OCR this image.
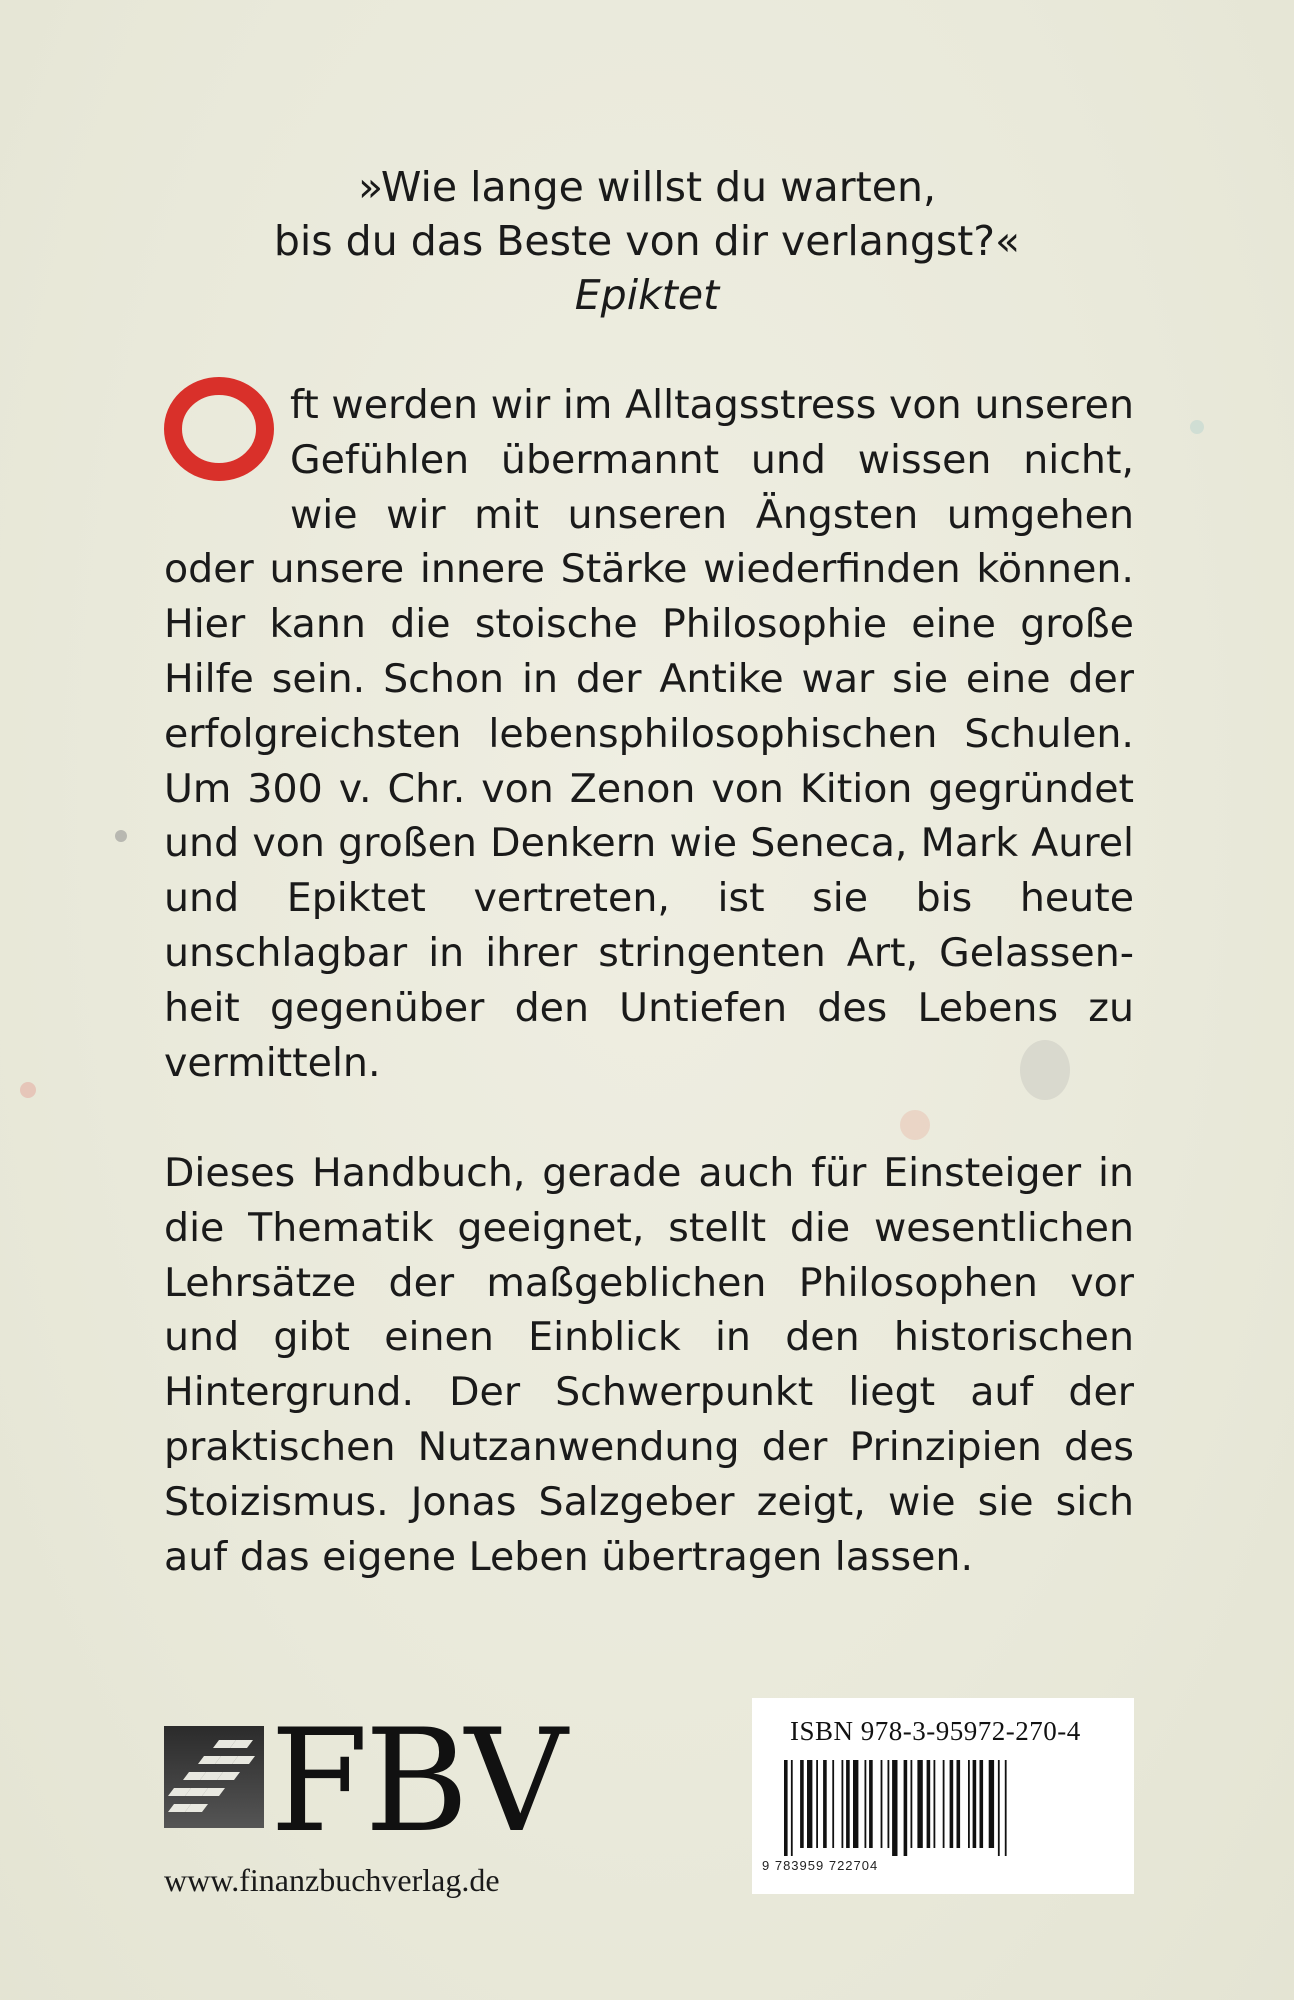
»Wie lange willst du warten,
bis du das Beste von dir verlangst?«
Epiktet
ft werden wir im Alltagsstress von unseren Gefühlen übermannt und wissen nicht, wie wir mit unseren Ängsten umgehen oder unsere innere Stärke wiederfinden können. Hier kann die stoische Philosophie eine große Hilfe sein. Schon in der Antike war sie eine der erfolgreichsten lebensphilosophischen Schulen. Um 300 v. Chr. von Zenon von Kition gegründet und von großen Denkern wie Seneca, Mark Aurel und Epiktet vertreten, ist sie bis heute unschlagbar in ihrer stringenten Art, Gelassenheit gegenüber den Untiefen des Lebens zu vermitteln.
Dieses Handbuch, gerade auch für Einsteiger in die Thematik geeignet, stellt die wesentlichen Lehrsätze der maßgeblichen Philosophen vor und gibt einen Einblick in den historischen Hintergrund. Der Schwerpunkt liegt auf der praktischen Nutzanwendung der Prinzipien des Stoizismus. Jonas Salzgeber zeigt, wie sie sich auf das eigene Leben übertragen lassen.
FBV
www.finanzbuchverlag.de
ISBN 978-3-95972-270-4
9 783959 722704
